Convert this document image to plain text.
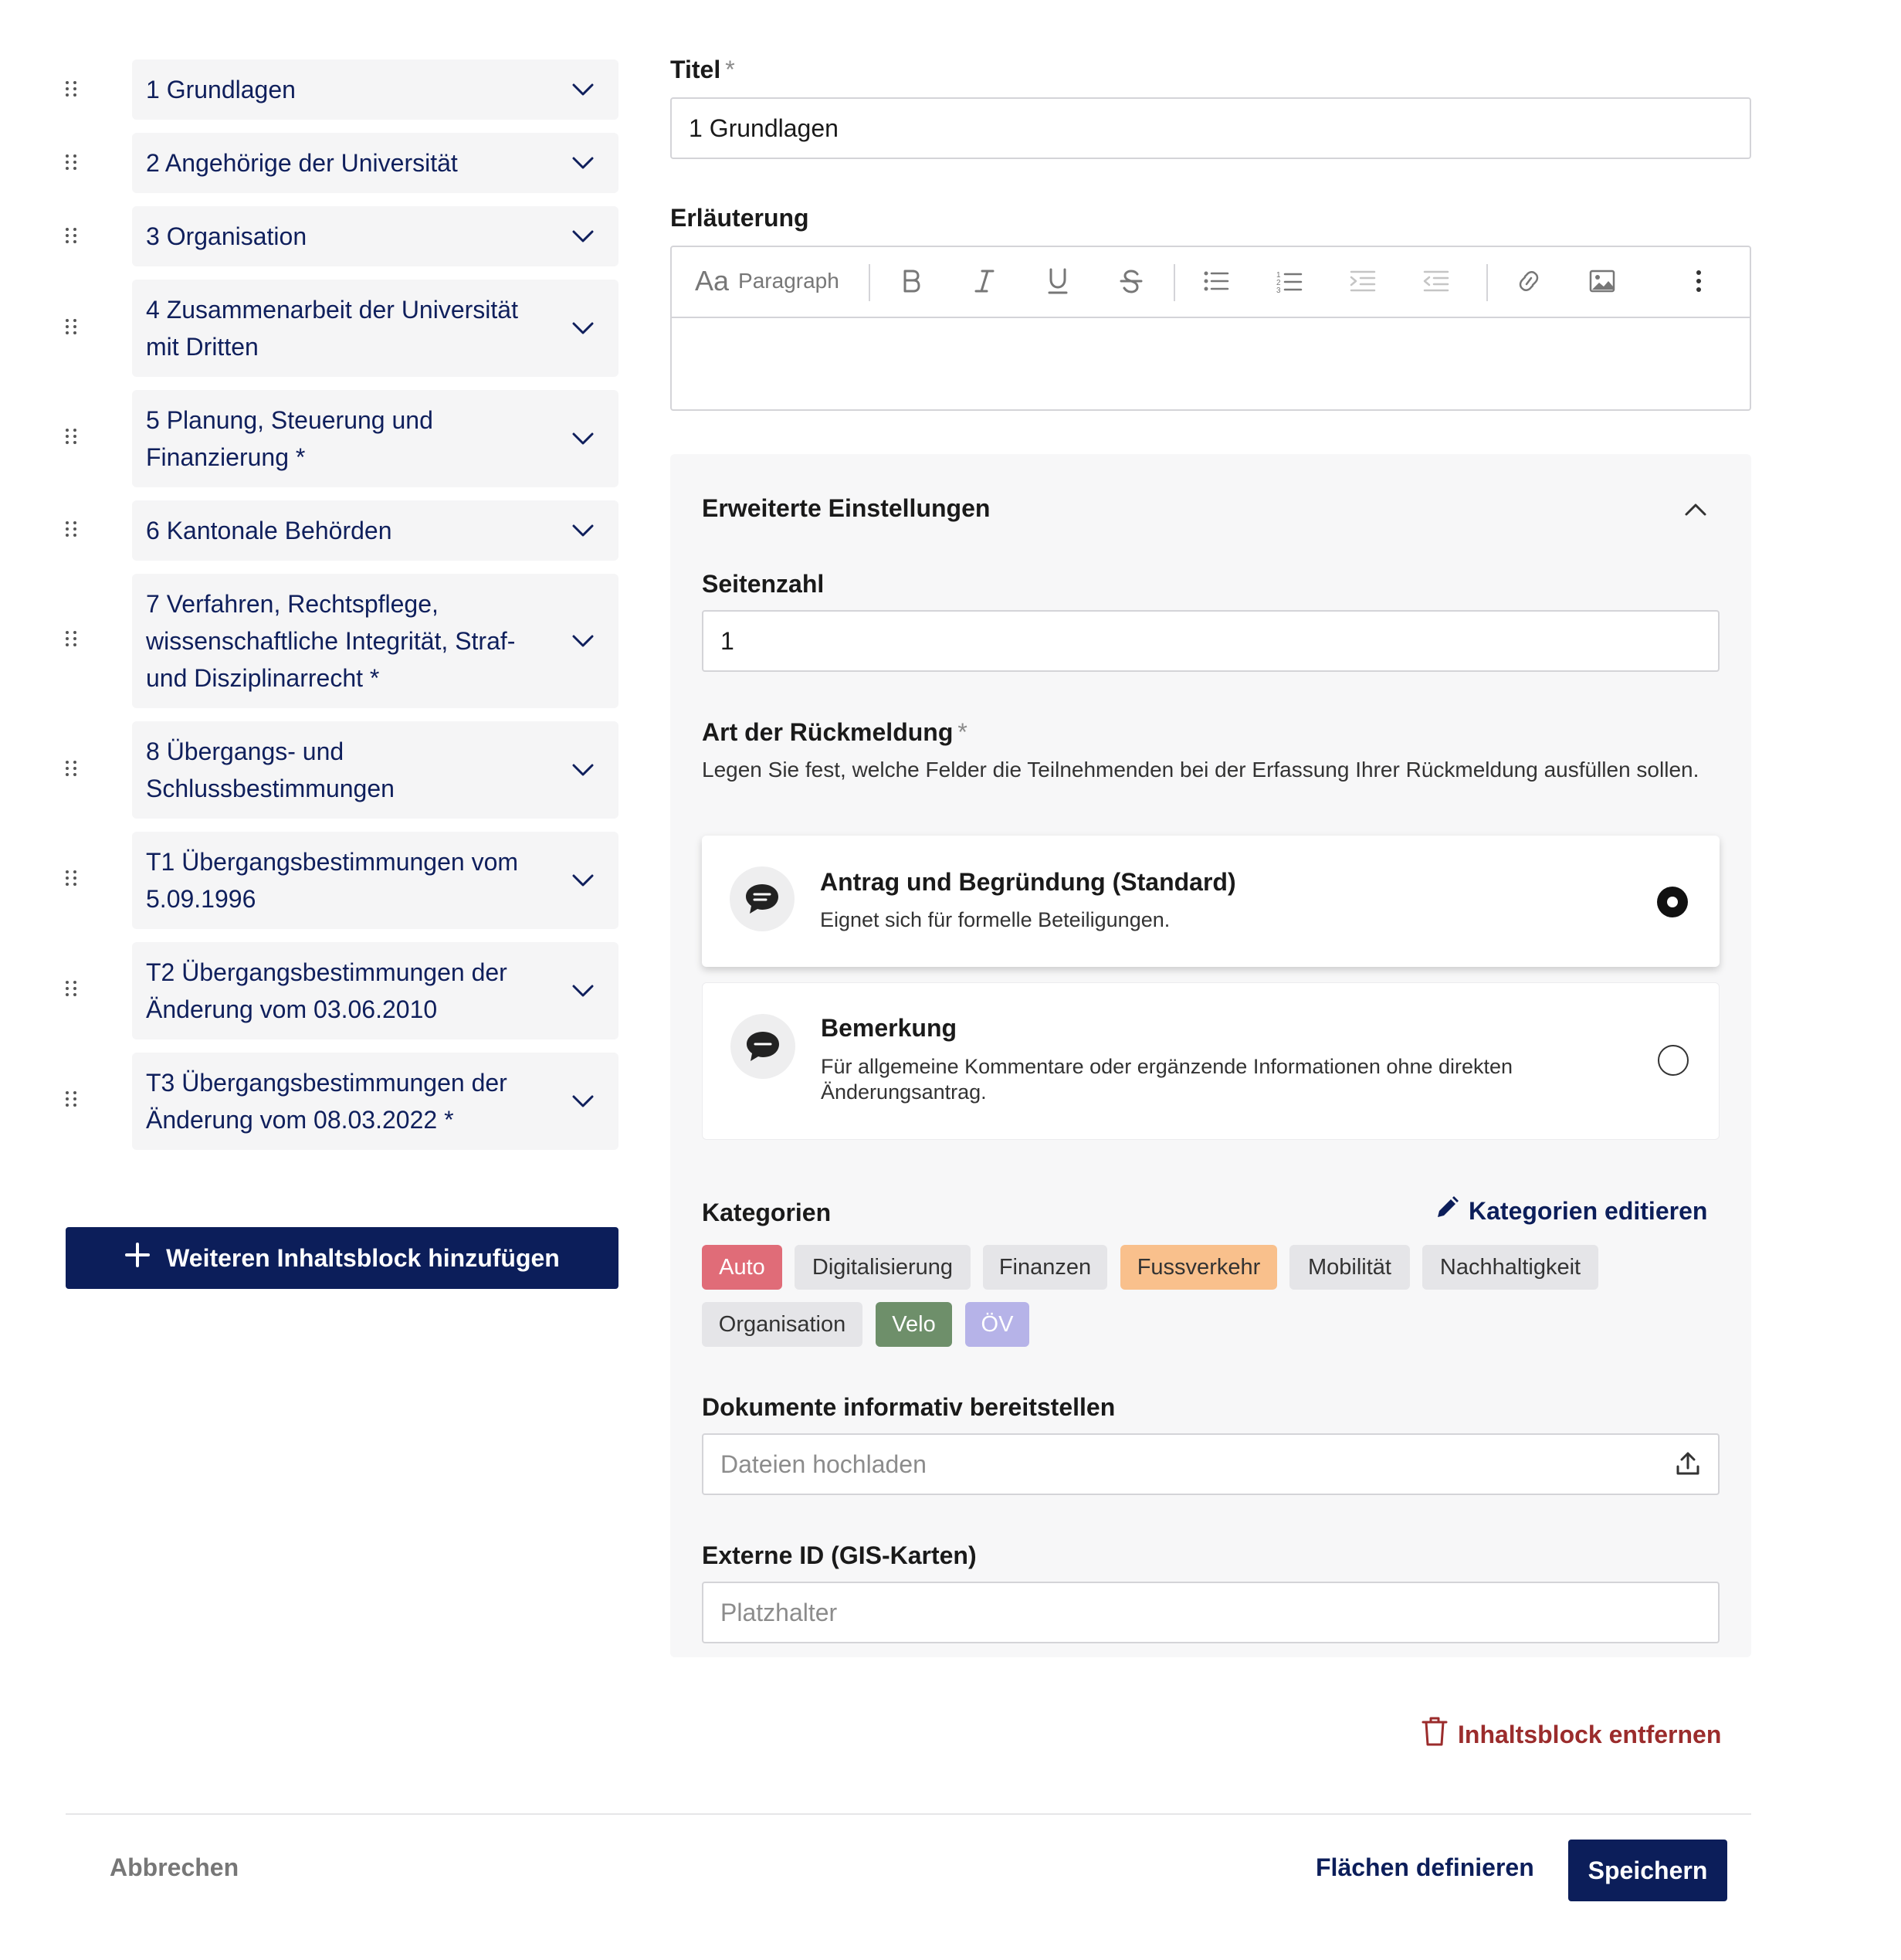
1 Grundlagen
2 Angehörige der Universität
3 Organisation
4 Zusammenarbeit der Universität mit Dritten
5 Planung, Steuerung und Finanzierung *
6 Kantonale Behörden
7 Verfahren, Rechtspflege, wissenschaftliche Integrität, Straf- und Disziplinarrecht *
8 Übergangs- und Schlussbestimmungen
T1 Übergangsbestimmungen vom 5.09.1996
T2 Übergangsbestimmungen der Änderung vom 03.06.2010
T3 Übergangsbestimmungen der Änderung vom 08.03.2022 *
Weiteren Inhaltsblock hinzufügen
Titel *
1 Grundlagen
Erläuterung
Aa Paragraph	1
2
3
Erweiterte Einstellungen
Seitenzahl
1
Art der Rückmeldung *
Legen Sie fest, welche Felder die Teilnehmenden bei der Erfassung Ihrer Rückmeldung ausfüllen sollen.
Antrag und Begründung (Standard)
Eignet sich für formelle Beteiligungen.
Bemerkung
Für allgemeine Kommentare oder ergänzende Informationen ohne direkten Änderungsantrag.
Kategorien	Kategorien editieren
Auto	Digitalisierung	Finanzen	Fussverkehr	Mobilität	Nachhaltigkeit
Organisation	Velo	ÖV
Dokumente informativ bereitstellen
Dateien hochladen
Externe ID (GIS-Karten)
Platzhalter
Inhaltsblock entfernen
Abbrechen	Flächen definieren	Speichern
